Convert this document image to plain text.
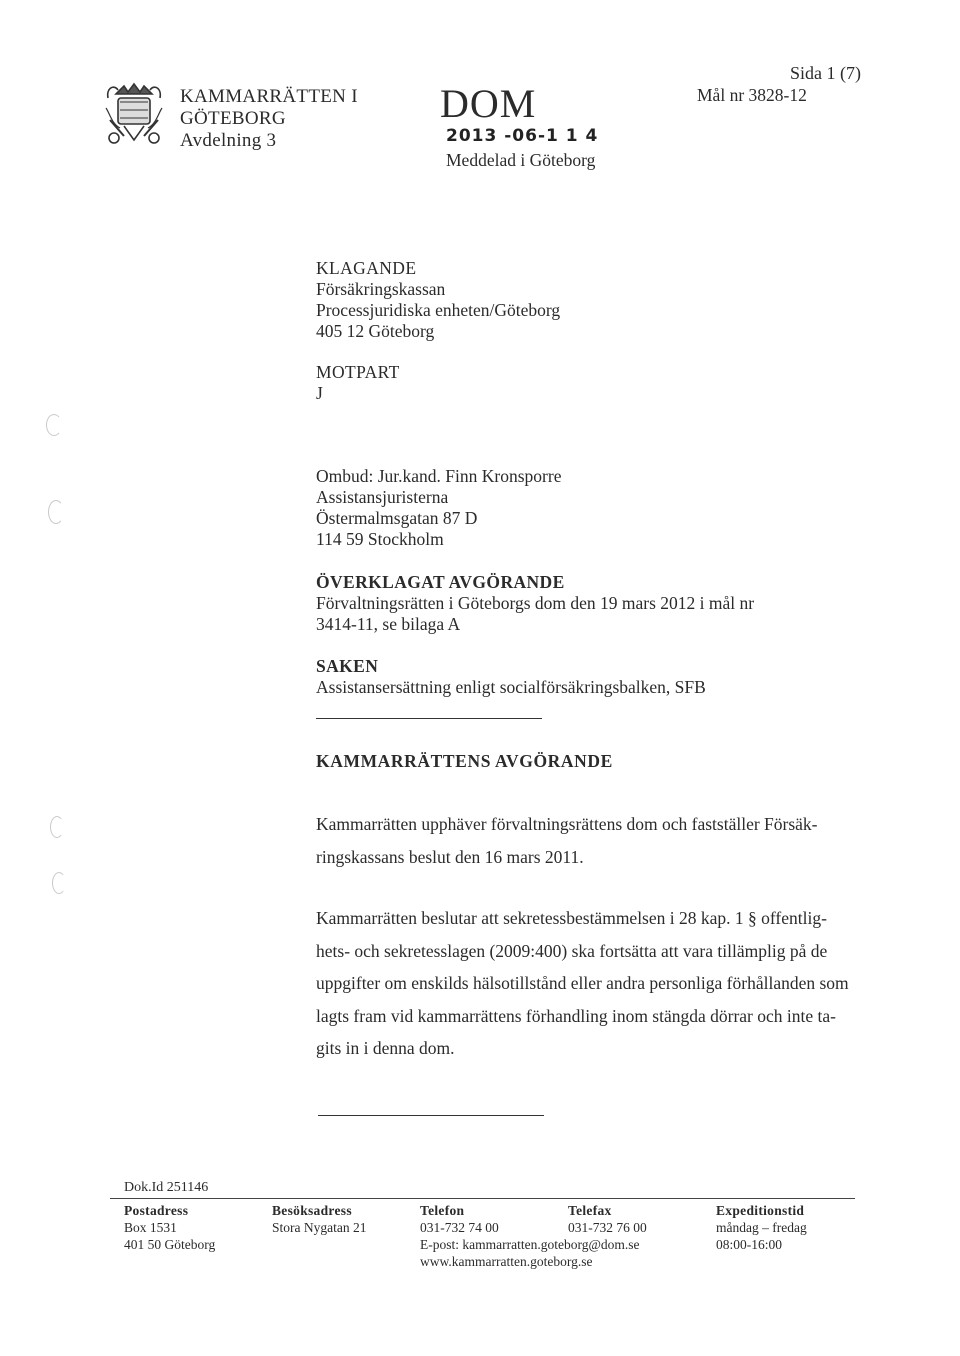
KAMMARRÄTTEN I
GÖTEBORG
Avdelning 3
DOM
2013 -06-1 1 4
Meddelad i Göteborg
Sida 1 (7)
Mål nr 3828-12
KLAGANDE
Försäkringskassan
Processjuridiska enheten/Göteborg
405 12 Göteborg
MOTPART
J
Ombud: Jur.kand. Finn Kronsporre
Assistansjuristerna
Östermalmsgatan 87 D
114 59 Stockholm
ÖVERKLAGAT AVGÖRANDE
Förvaltningsrätten i Göteborgs dom den 19 mars 2012 i mål nr
3414-11, se bilaga A
SAKEN
Assistansersättning enligt socialförsäkringsbalken, SFB
KAMMARRÄTTENS AVGÖRANDE

Kammarrätten upphäver förvaltningsrättens dom och fastställer Försäk-

ringskassans beslut den 16 mars 2011.

Kammarrätten beslutar att sekretessbestämmelsen i 28 kap. 1 § offentlig-

hets- och sekretesslagen (2009:400) ska fortsätta att vara tillämplig på de

uppgifter om enskilds hälsotillstånd eller andra personliga förhållanden som

lagts fram vid kammarrättens förhandling inom stängda dörrar och inte ta-

gits in i denna dom.

Dok.Id 251146
Postadress
Box 1531
401 50 Göteborg
Besöksadress
Stora Nygatan 21
Telefon
031-732 74 00
Telefax
031-732 76 00
E-post: kammarratten.goteborg@dom.se
www.kammarratten.goteborg.se
Expeditionstid
måndag – fredag
08:00-16:00
